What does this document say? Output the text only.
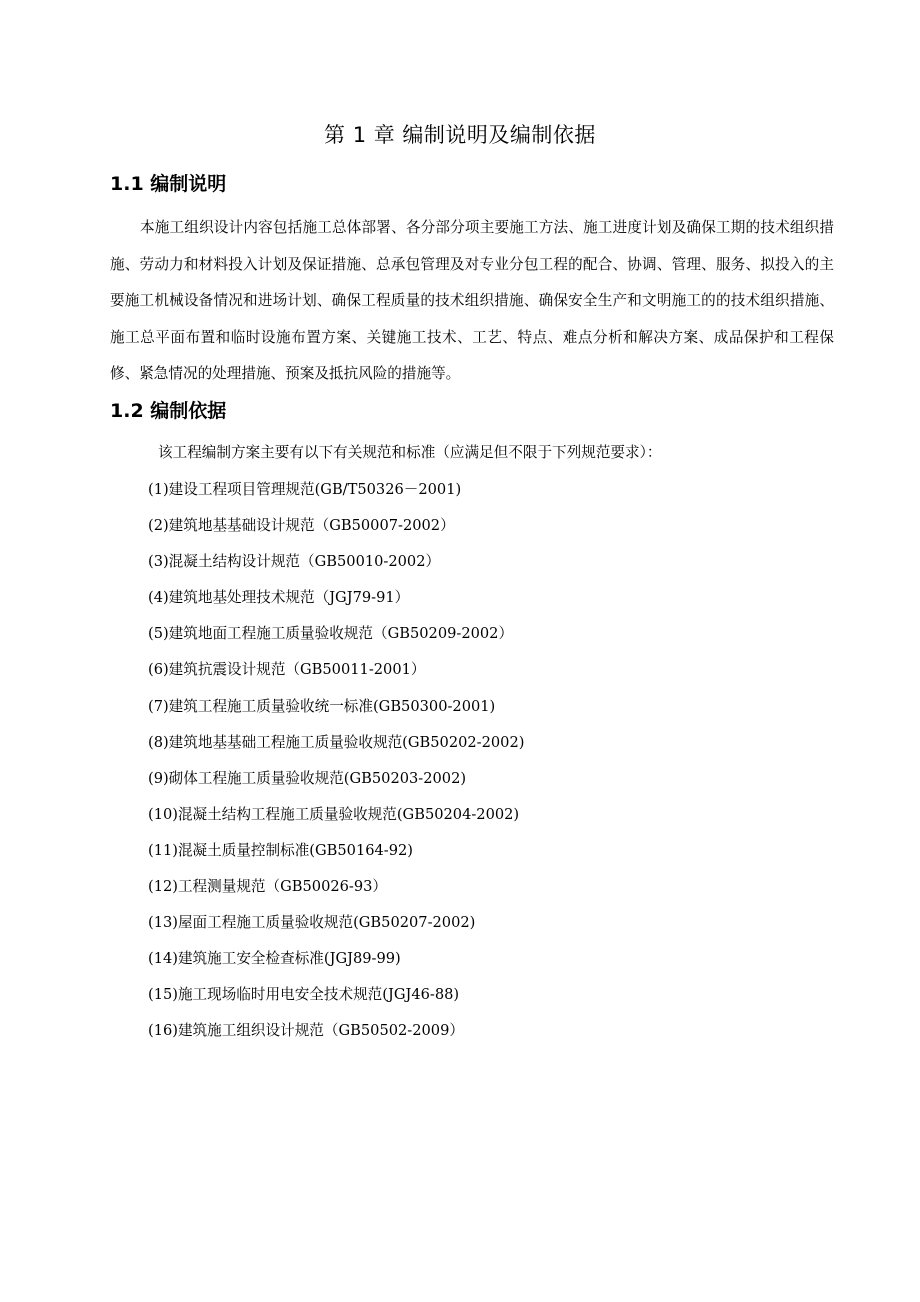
第 1 章 编制说明及编制依据
1.1 编制说明

本施工组织设计内容包括施工总体部署、各分部分项主要施工方法、施工进度计划及确保工期的技术组织措施、劳动力和材料投入计划及保证措施、总承包管理及对专业分包工程的配合、协调、管理、服务、拟投入的主要施工机械设备情况和进场计划、确保工程质量的技术组织措施、确保安全生产和文明施工的的技术组织措施、施工总平面布置和临时设施布置方案、关键施工技术、工艺、特点、难点分析和解决方案、成品保护和工程保修、紧急情况的处理措施、预案及抵抗风险的措施等。

1.2 编制依据
该工程编制方案主要有以下有关规范和标准（应满足但不限于下列规范要求）：
(1)建设工程项目管理规范(GB/T50326－2001)
(2)建筑地基基础设计规范（GB50007-2002）
(3)混凝土结构设计规范（GB50010-2002）
(4)建筑地基处理技术规范（JGJ79-91）
(5)建筑地面工程施工质量验收规范（GB50209-2002）
(6)建筑抗震设计规范（GB50011-2001）
(7)建筑工程施工质量验收统一标准(GB50300-2001)
(8)建筑地基基础工程施工质量验收规范(GB50202-2002)
(9)砌体工程施工质量验收规范(GB50203-2002)
(10)混凝土结构工程施工质量验收规范(GB50204-2002)
(11)混凝土质量控制标准(GB50164-92)
(12)工程测量规范（GB50026-93）
(13)屋面工程施工质量验收规范(GB50207-2002)
(14)建筑施工安全检查标准(JGJ89-99)
(15)施工现场临时用电安全技术规范(JGJ46-88)
(16)建筑施工组织设计规范（GB50502-2009）
